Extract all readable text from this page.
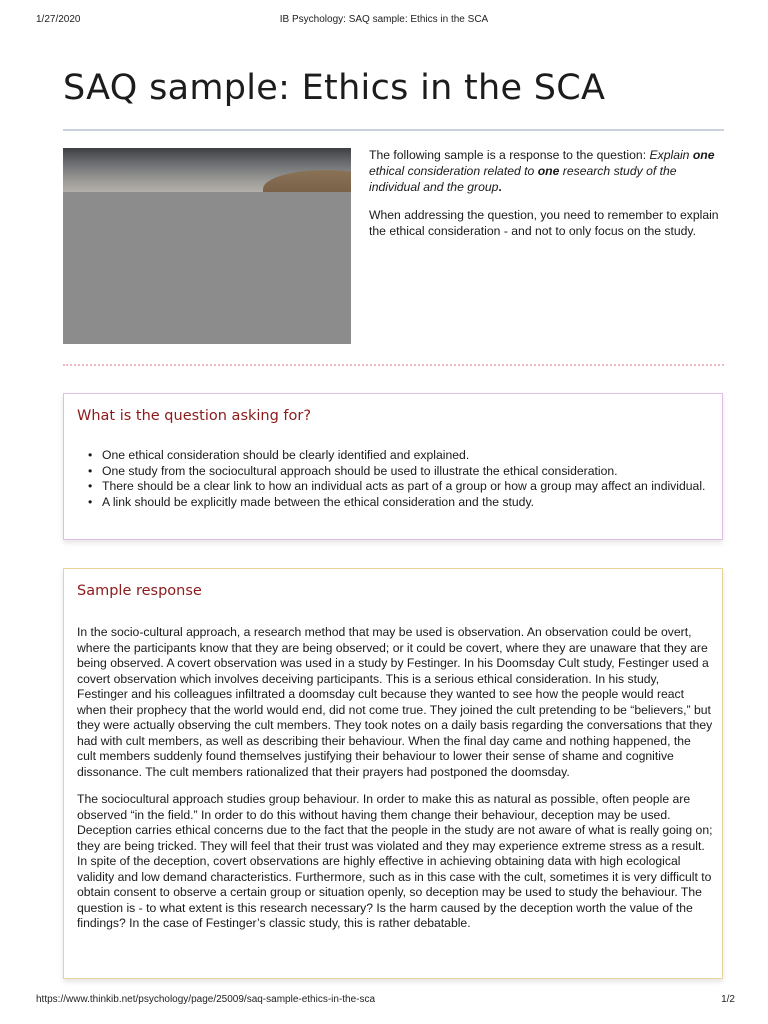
1/27/2020	IB Psychology: SAQ sample: Ethics in the SCA
SAQ sample: Ethics in the SCA

The following sample is a response to the question: Explain one ethical consideration related to one research study of the individual and the group.

When addressing the question, you need to remember to explain the ethical consideration - and not to only focus on the study.

What is the question asking for?
• One ethical consideration should be clearly identified and explained.
• One study from the sociocultural approach should be used to illustrate the ethical consideration.
• There should be a clear link to how an individual acts as part of a group or how a group may affect an individual.
• A link should be explicitly made between the ethical consideration and the study.
Sample response

In the socio-cultural approach, a research method that may be used is observation. An observation could be overt, where the participants know that they are being observed; or it could be covert, where they are unaware that they are being observed. A covert observation was used in a study by Festinger. In his Doomsday Cult study, Festinger used a covert observation which involves deceiving participants. This is a serious ethical consideration. In his study, Festinger and his colleagues infiltrated a doomsday cult because they wanted to see how the people would react when their prophecy that the world would end, did not come true. They joined the cult pretending to be “believers,” but they were actually observing the cult members. They took notes on a daily basis regarding the conversations that they had with cult members, as well as describing their behaviour. When the final day came and nothing happened, the cult members suddenly found themselves justifying their behaviour to lower their sense of shame and cognitive dissonance. The cult members rationalized that their prayers had postponed the doomsday.

The sociocultural approach studies group behaviour. In order to make this as natural as possible, often people are observed “in the field.” In order to do this without having them change their behaviour, deception may be used. Deception carries ethical concerns due to the fact that the people in the study are not aware of what is really going on; they are being tricked. They will feel that their trust was violated and they may experience extreme stress as a result. In spite of the deception, covert observations are highly effective in achieving obtaining data with high ecological validity and low demand characteristics. Furthermore, such as in this case with the cult, sometimes it is very difficult to obtain consent to observe a certain group or situation openly, so deception may be used to study the behaviour. The question is - to what extent is this research necessary? Is the harm caused by the deception worth the value of the findings? In the case of Festinger’s classic study, this is rather debatable.

https://www.thinkib.net/psychology/page/25009/saq-sample-ethics-in-the-sca	1/2
